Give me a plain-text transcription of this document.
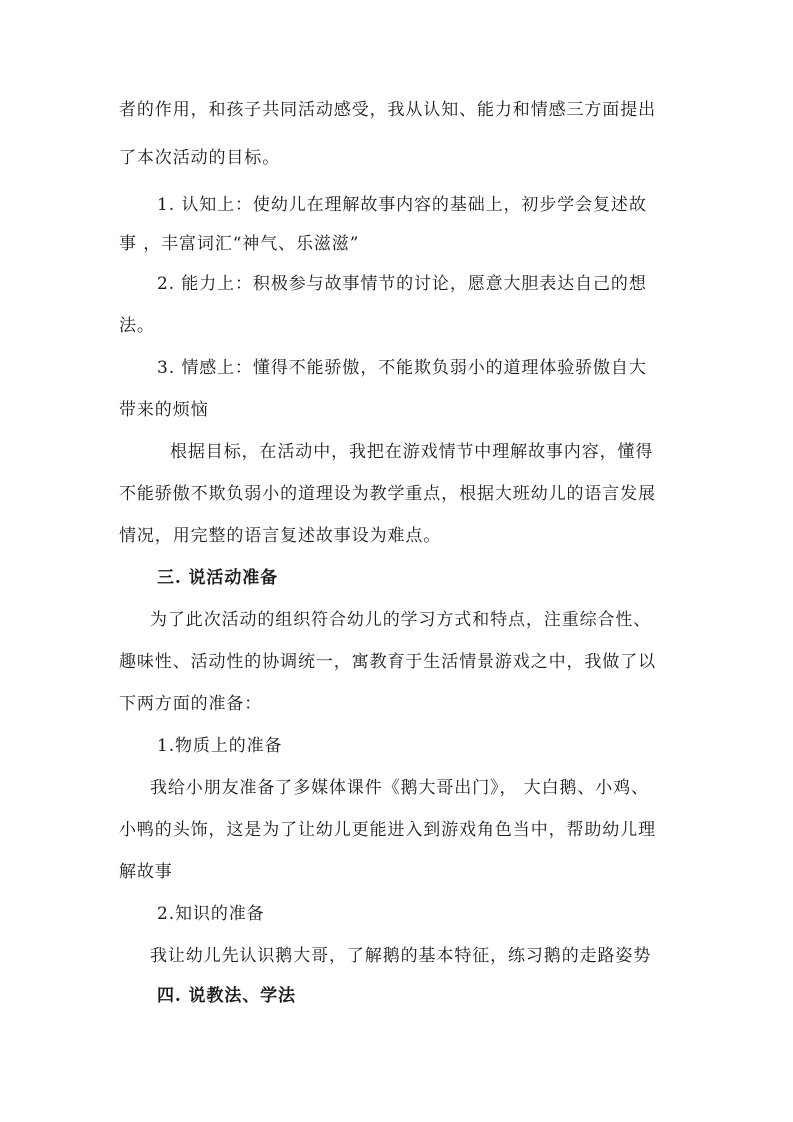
者的作用，和孩子共同活动感受，我从认知、能力和情感三方面提出
了本次活动的目标。
1. 认知上：使幼儿在理解故事内容的基础上，初步学会复述故
事 ，丰富词汇“神气、乐滋滋”
2. 能力上：积极参与故事情节的讨论，愿意大胆表达自己的想
法。
3. 情感上：懂得不能骄傲，不能欺负弱小的道理体验骄傲自大
带来的烦恼
根据目标，在活动中，我把在游戏情节中理解故事内容，懂得
不能骄傲不欺负弱小的道理设为教学重点，根据大班幼儿的语言发展
情况，用完整的语言复述故事设为难点。
三. 说活动准备
为了此次活动的组织符合幼儿的学习方式和特点，注重综合性、
趣味性、活动性的协调统一，寓教育于生活情景游戏之中，我做了以
下两方面的准备：
1.物质上的准备
我给小朋友准备了多媒体课件《鹅大哥出门》， 大白鹅、小鸡、
小鸭的头饰，这是为了让幼儿更能进入到游戏角色当中，帮助幼儿理
解故事
2.知识的准备
我让幼儿先认识鹅大哥，了解鹅的基本特征，练习鹅的走路姿势
四. 说教法、学法
